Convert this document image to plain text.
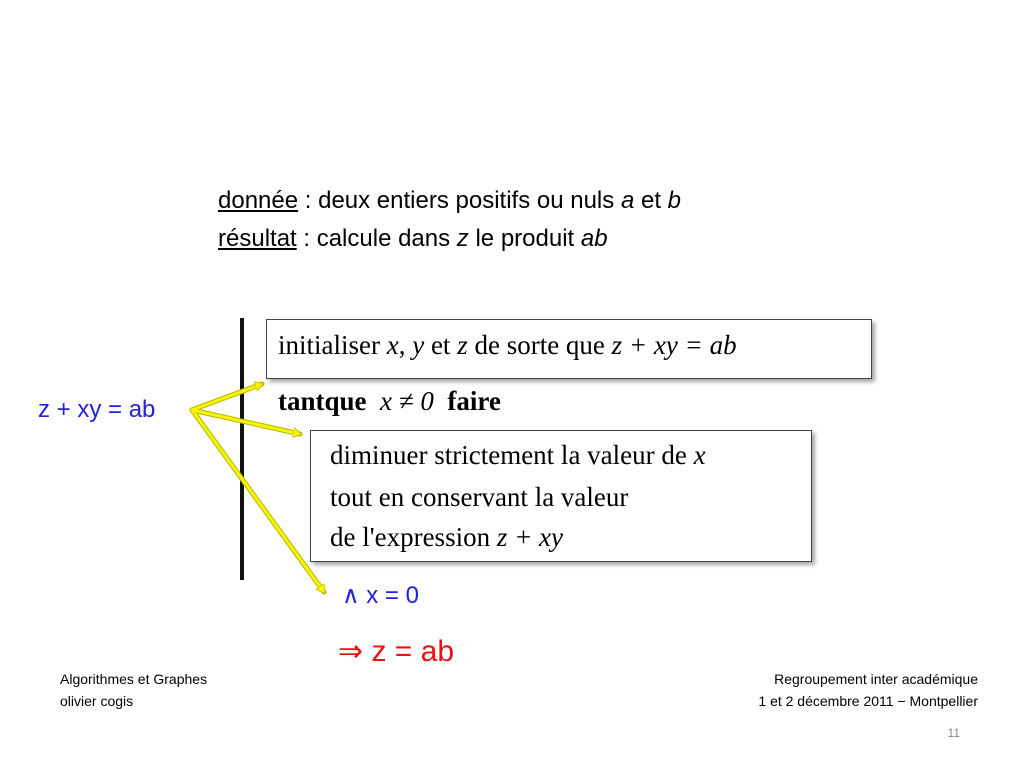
donnée : deux entiers positifs ou nuls a et b
résultat : calcule dans z le produit ab
initialiser x, y et z de sorte que z + xy = ab
tantque x ≠ 0 faire
diminuer strictement la valeur de x
tout en conservant la valeur
de l'expression z + xy
z + xy = ab
∧ x = 0
⇒ z = ab
Algorithmes et Graphes
olivier cogis
Regroupement inter académique
1 et 2 décembre 2011 − Montpellier
11
